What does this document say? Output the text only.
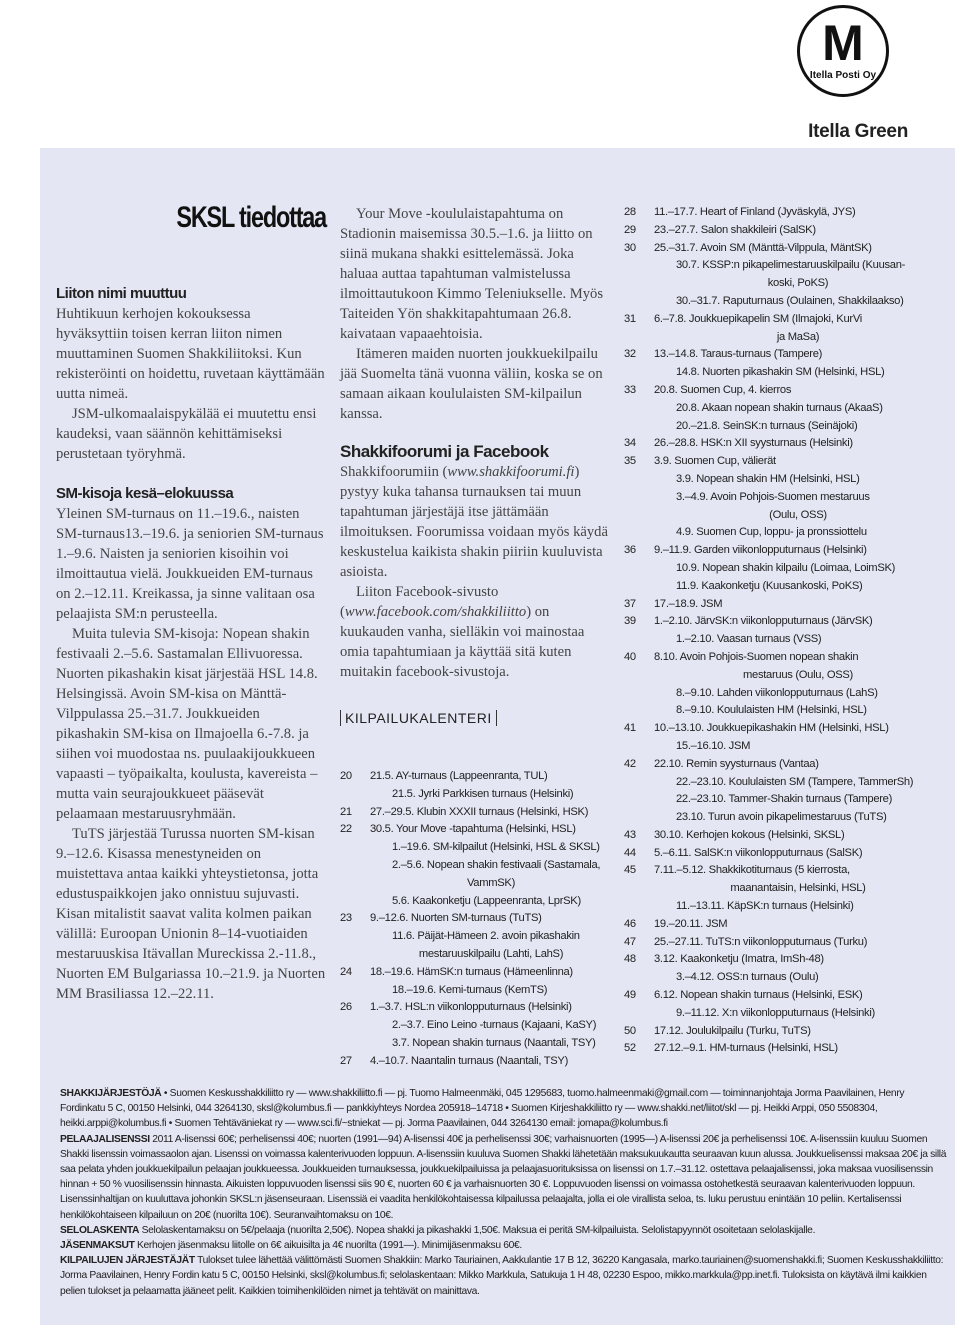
M
Itella Posti Oy
Itella Green
SKSL tiedottaa
Liiton nimi muuttuu

Huhtikuun kerhojen kokouksessa hyväksyttiin toisen kerran liiton nimen muuttaminen Suomen Shakkiliitoksi. Kun rekisteröinti on hoidettu, ruvetaan käyttämään uutta nimeä.

JSM-ulkomaalaispykälää ei muutettu ensi kaudeksi, vaan säännön kehittämiseksi perustetaan työryhmä.

SM-kisoja kesä–elokuussa

Yleinen SM-turnaus on 11.–19.6., naisten SM-turnaus13.–19.6. ja seniorien SM-turnaus 1.–9.6. Naisten ja seniorien kisoihin voi ilmoittautua vielä. Joukkueiden EM-turnaus on 2.–12.11. Kreikassa, ja sinne valitaan osa pelaajista SM:n perusteella.

Muita tulevia SM-kisoja: Nopean shakin festivaali 2.–5.6. Sastamalan Ellivuoressa. Nuorten pikashakin kisat järjestää HSL 14.8. Helsingissä. Avoin SM-kisa on Mänttä-Vilppulassa 25.–31.7. Joukkueiden pikashakin SM-kisa on Ilmajoella 6.-7.8. ja siihen voi muodostaa ns. puulaakijoukkueen vapaasti – työpaikalta, koulusta, kavereista – mutta vain seurajoukkueet pääsevät pelaamaan mestaruusryhmään.

TuTS järjestää Turussa nuorten SM-kisan 9.–12.6. Kisassa menestyneiden on muistettava antaa kaikki yhteystietonsa, jotta edustuspaikkojen jako onnistuu sujuvasti. Kisan mitalistit saavat valita kolmen paikan välillä: Euroopan Unionin 8–14-vuotiaiden mestaruuskisa Itävallan Mureckissa 2.-11.8., Nuorten EM Bulgariassa 10.–21.9. ja Nuorten MM Brasiliassa 12.–22.11.

Your Move -koululaistapahtuma on Stadionin maisemissa 30.5.–1.6. ja liitto on siinä mukana shakki esittelemässä. Joka haluaa auttaa tapahtuman valmistelussa ilmoittautukoon Kimmo Teleniukselle. Myös Taiteiden Yön shakkitapahtumaan 26.8. kaivataan vapaaehtoisia.

Itämeren maiden nuorten joukkuekilpailu jää Suomelta tänä vuonna väliin, koska se on samaan aikaan koululaisten SM-kilpailun kanssa.

Shakkifoorumi ja Facebook

Shakkifoorumiin (www.shakkifoorumi.fi) pystyy kuka tahansa turnauksen tai muun tapahtuman järjestäjä itse jättämään ilmoituksen. Foorumissa voidaan myös käydä keskustelua kaikista shakin piiriin kuuluvista asioista.

Liiton Facebook-sivusto (www.facebook.com/shakkiliitto) on kuukauden vanha, sielläkin voi mainostaa omia tapahtumiaan ja käyttää sitä kuten muitakin facebook-sivustoja.

KILPAILUKALENTERI
20	21.5. AY-turnaus (Lappeenranta, TUL)
21.5. Jyrki Parkkisen turnaus (Helsinki)
21	27.–29.5. Klubin XXXII turnaus (Helsinki, HSK)
22	30.5. Your Move -tapahtuma (Helsinki, HSL)
1.–19.6. SM-kilpailut (Helsinki, HSL & SKSL)
2.–5.6. Nopean shakin festivaali (Sastamala,
VammSK)
5.6. Kaakonketju (Lappeenranta, LprSK)
23	9.–12.6. Nuorten SM-turnaus (TuTS)
11.6. Päijät-Hämeen 2. avoin pikashakin
mestaruuskilpailu (Lahti, LahS)
24	18.–19.6. HämSK:n turnaus (Hämeenlinna)
18.–19.6. Kemi-turnaus (KemTS)
26	1.–3.7. HSL:n viikonlopputurnaus (Helsinki)
2.–3.7. Eino Leino -turnaus (Kajaani, KaSY)
3.7. Nopean shakin turnaus (Naantali, TSY)
27	4.–10.7. Naantalin turnaus (Naantali, TSY)
28	11.–17.7. Heart of Finland (Jyväskylä, JYS)
29	23.–27.7. Salon shakkileiri (SalSK)
30	25.–31.7. Avoin SM (Mänttä-Vilppula, MäntSK)
30.7. KSSP:n pikapelimestaruuskilpailu (Kuusan-
koski, PoKS)
30.–31.7. Raputurnaus (Oulainen, Shakkilaakso)
31	6.–7.8. Joukkuepikapelin SM (Ilmajoki, KurVi
ja MaSa)
32	13.–14.8. Taraus-turnaus (Tampere)
14.8. Nuorten pikashakin SM (Helsinki, HSL)
33	20.8. Suomen Cup, 4. kierros
20.8. Akaan nopean shakin turnaus (AkaaS)
20.–21.8. SeinSK:n turnaus (Seinäjoki)
34	26.–28.8. HSK:n XII syysturnaus (Helsinki)
35	3.9. Suomen Cup, välierät
3.9. Nopean shakin HM (Helsinki, HSL)
3.–4.9. Avoin Pohjois-Suomen mestaruus
(Oulu, OSS)
4.9. Suomen Cup, loppu- ja pronssiottelu
36	9.–11.9. Garden viikonlopputurnaus (Helsinki)
10.9. Nopean shakin kilpailu (Loimaa, LoimSK)
11.9. Kaakonketju (Kuusankoski, PoKS)
37	17.–18.9. JSM
39	1.–2.10. JärvSK:n viikonlopputurnaus (JärvSK)
1.–2.10. Vaasan turnaus (VSS)
40	8.10. Avoin Pohjois-Suomen nopean shakin
mestaruus (Oulu, OSS)
8.–9.10. Lahden viikonlopputurnaus (LahS)
8.–9.10. Koululaisten HM (Helsinki, HSL)
41	10.–13.10. Joukkuepikashakin HM (Helsinki, HSL)
15.–16.10. JSM
42	22.10. Remin syysturnaus (Vantaa)
22.–23.10. Koululaisten SM (Tampere, TammerSh)
22.–23.10. Tammer-Shakin turnaus (Tampere)
23.10. Turun avoin pikapelimestaruus (TuTS)
43	30.10. Kerhojen kokous (Helsinki, SKSL)
44	5.–6.11. SalSK:n viikonlopputurnaus (SalSK)
45	7.11.–5.12. Shakkikotiturnaus (5 kierrosta,
maanantaisin, Helsinki, HSL)
11.–13.11. KäpSK:n turnaus (Helsinki)
46	19.–20.11. JSM
47	25.–27.11. TuTS:n viikonlopputurnaus (Turku)
48	3.12. Kaakonketju (Imatra, ImSh-48)
3.–4.12. OSS:n turnaus (Oulu)
49	6.12. Nopean shakin turnaus (Helsinki, ESK)
9.–11.12. X:n viikonlopputurnaus (Helsinki)
50	17.12. Joulukilpailu (Turku, TuTS)
52	27.12.–9.1. HM-turnaus (Helsinki, HSL)

SHAKKIJÄRJESTÖJÄ • Suomen Keskusshakkiliitto ry — www.shakkiliitto.fi — pj. Tuomo Halmeenmäki, 045 1295683, tuomo.halmeenmaki@gmail.com — toiminnanjohtaja Jorma Paavilainen, Henry Fordinkatu 5 C, 00150 Helsinki, 044 3264130, sksl@kolumbus.fi — pankkiyhteys Nordea 205918–14718 • Suomen Kirjeshakkiliitto ry — www.shakki.net/liitot/skl — pj. Heikki Arppi, 050 5508304, heikki.arppi@kolumbus.fi • Suomen Tehtäväniekat ry — www.sci.fi/~stniekat — pj. Jorma Paavilainen, 044 3264130 email: jomapa@kolumbus.fi

PELAAJALISENSSI 2011 A-lisenssi 60€; perhelisenssi 40€; nuorten (1991—94) A-lisenssi 40€ ja perhelisenssi 30€; varhaisnuorten (1995—) A-lisenssi 20€ ja perhelisenssi 10€. A-lisenssiin kuuluu Suomen Shakki lisenssin voimassaolon ajan. Lisenssi on voimassa kalenterivuoden loppuun. A-lisenssiin kuuluva Suomen Shakki lähetetään maksukuukautta seuraavan kuun alussa. Joukkuelisenssi maksaa 20€ ja sillä saa pelata yhden joukkuekilpailun pelaajan joukkueessa. Joukkueiden turnauksessa, joukkuekilpailuissa ja pelaajasuorituksissa on lisenssi on 1.7.–31.12. ostettava pelaajalisenssi, joka maksaa vuosilisenssin hinnan + 50 % vuosilisenssin hinnasta. Aikuisten loppuvuoden lisenssi siis 90 €, nuorten 60 € ja varhaisnuorten 30 €. Loppuvuoden lisenssi on voimassa ostohetkestä seuraavan kalenterivuoden loppuun. Lisenssinhaltijan on kuuluttava johonkin SKSL:n jäsenseuraan. Lisenssiä ei vaadita henkilökohtaisessa kilpailussa pelaajalta, jolla ei ole virallista seloa, ts. luku perustuu enintään 10 peliin. Kertalisenssi henkilökohtaiseen kilpailuun on 20€ (nuorilta 10€). Seuranvaihtomaksu on 10€.

SELOLASKENTA Selolaskentamaksu on 5€/pelaaja (nuorilta 2,50€). Nopea shakki ja pikashakki 1,50€. Maksua ei peritä SM-kilpailuista. Selolistapyynnöt osoitetaan selolaskijalle.

JÄSENMAKSUT Kerhojen jäsenmaksu liitolle on 6€ aikuisilta ja 4€ nuorilta (1991—). Minimijäsenmaksu 60€.

KILPAILUJEN JÄRJESTÄJÄT Tulokset tulee lähettää välittömästi Suomen Shakkiin: Marko Tauriainen, Aakkulantie 17 B 12, 36220 Kangasala, marko.tauriainen@suomenshakki.fi; Suomen Keskusshakkiliitto: Jorma Paavilainen, Henry Fordin katu 5 C, 00150 Helsinki, sksl@kolumbus.fi; selolaskentaan: Mikko Markkula, Satukuja 1 H 48, 02230 Espoo, mikko.markkula@pp.inet.fi. Tuloksista on käytävä ilmi kaikkien pelien tulokset ja pelaamatta jääneet pelit. Kaikkien toimihenkilöiden nimet ja tehtävät on mainittava.
